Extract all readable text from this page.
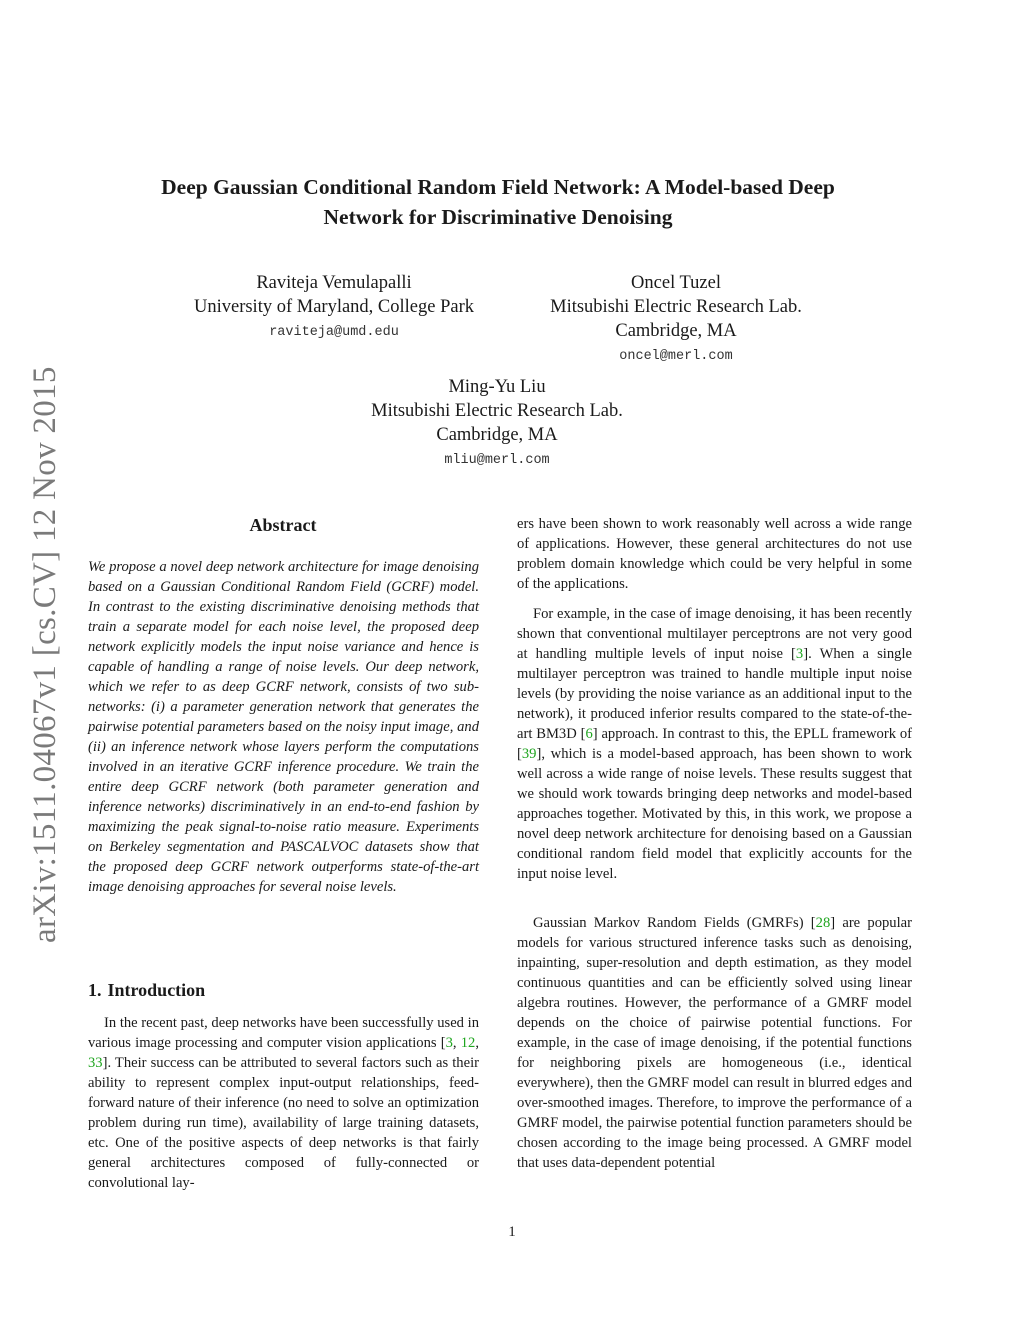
arXiv:1511.04067v1 [cs.CV] 12 Nov 2015
Deep Gaussian Conditional Random Field Network: A Model-based Deep
Network for Discriminative Denoising
Raviteja Vemulapalli
University of Maryland, College Park
raviteja@umd.edu
Oncel Tuzel
Mitsubishi Electric Research Lab.
Cambridge, MA
oncel@merl.com
Ming-Yu Liu
Mitsubishi Electric Research Lab.
Cambridge, MA
mliu@merl.com
Abstract
We propose a novel deep network architecture for image denoising based on a Gaussian Conditional Random Field (GCRF) model. In contrast to the existing discriminative denoising methods that train a separate model for each noise level, the proposed deep network explicitly models the input noise variance and hence is capable of handling a range of noise levels. Our deep network, which we refer to as deep GCRF network, consists of two sub-networks: (i) a parameter generation network that generates the pairwise potential parameters based on the noisy input image, and (ii) an inference network whose layers perform the computations involved in an iterative GCRF inference procedure. We train the entire deep GCRF network (both parameter generation and inference networks) discriminatively in an end-to-end fashion by maximizing the peak signal-to-noise ratio measure. Experiments on Berkeley segmentation and PASCALVOC datasets show that the proposed deep GCRF network outperforms state-of-the-art image denoising approaches for several noise levels.
1. Introduction
In the recent past, deep networks have been successfully used in various image processing and computer vision applications [3, 12, 33]. Their success can be attributed to several factors such as their ability to represent complex input-output relationships, feed-forward nature of their inference (no need to solve an optimization problem during run time), availability of large training datasets, etc. One of the positive aspects of deep networks is that fairly general architectures composed of fully-connected or convolutional lay-
ers have been shown to work reasonably well across a wide range of applications. However, these general architectures do not use problem domain knowledge which could be very helpful in some of the applications.
For example, in the case of image denoising, it has been recently shown that conventional multilayer perceptrons are not very good at handling multiple levels of input noise [3]. When a single multilayer perceptron was trained to handle multiple input noise levels (by providing the noise variance as an additional input to the network), it produced inferior results compared to the state-of-the-art BM3D [6] approach. In contrast to this, the EPLL framework of [39], which is a model-based approach, has been shown to work well across a wide range of noise levels. These results suggest that we should work towards bringing deep networks and model-based approaches together. Motivated by this, in this work, we propose a novel deep network architecture for denoising based on a Gaussian conditional random field model that explicitly accounts for the input noise level.
Gaussian Markov Random Fields (GMRFs) [28] are popular models for various structured inference tasks such as denoising, inpainting, super-resolution and depth estimation, as they model continuous quantities and can be efficiently solved using linear algebra routines. However, the performance of a GMRF model depends on the choice of pairwise potential functions. For example, in the case of image denoising, if the potential functions for neighboring pixels are homogeneous (i.e., identical everywhere), then the GMRF model can result in blurred edges and over-smoothed images. Therefore, to improve the performance of a GMRF model, the pairwise potential function parameters should be chosen according to the image being processed. A GMRF model that uses data-dependent potential
1
